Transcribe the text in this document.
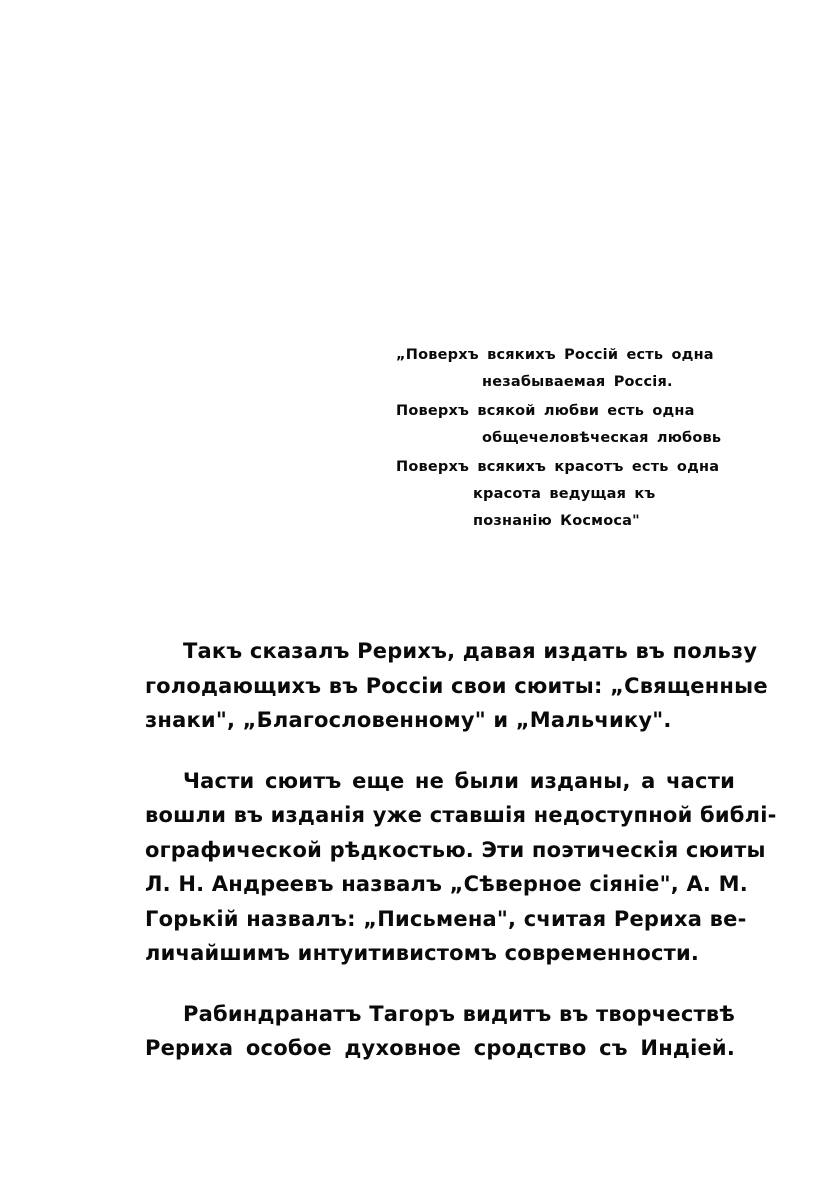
„Поверхъ всякихъ Россій есть одна
незабываемая Россія.
Поверхъ всякой любви есть одна
общечеловѣческая любовь
Поверхъ всякихъ красотъ есть одна
красота ведущая къ
познанію Космоса"
Такъ сказалъ Рерихъ, давая издать въ пользу
голодающихъ въ Россіи свои сюиты: „Священные
знаки", „Благословенному" и „Мальчику".
Части сюитъ еще не были изданы, а части
вошли въ изданія уже ставшія недоступной библі-
ографической рѣдкостью. Эти поэтическія сюиты
Л. Н. Андреевъ назвалъ „Сѣверное сіяніе", А. М.
Горькій назвалъ: „Письмена", считая Рериха ве-
личайшимъ интуитивистомъ современности.
Рабиндранатъ Тагоръ видитъ въ творчествѣ
Рериха особое духовное сродство съ Индіей.
